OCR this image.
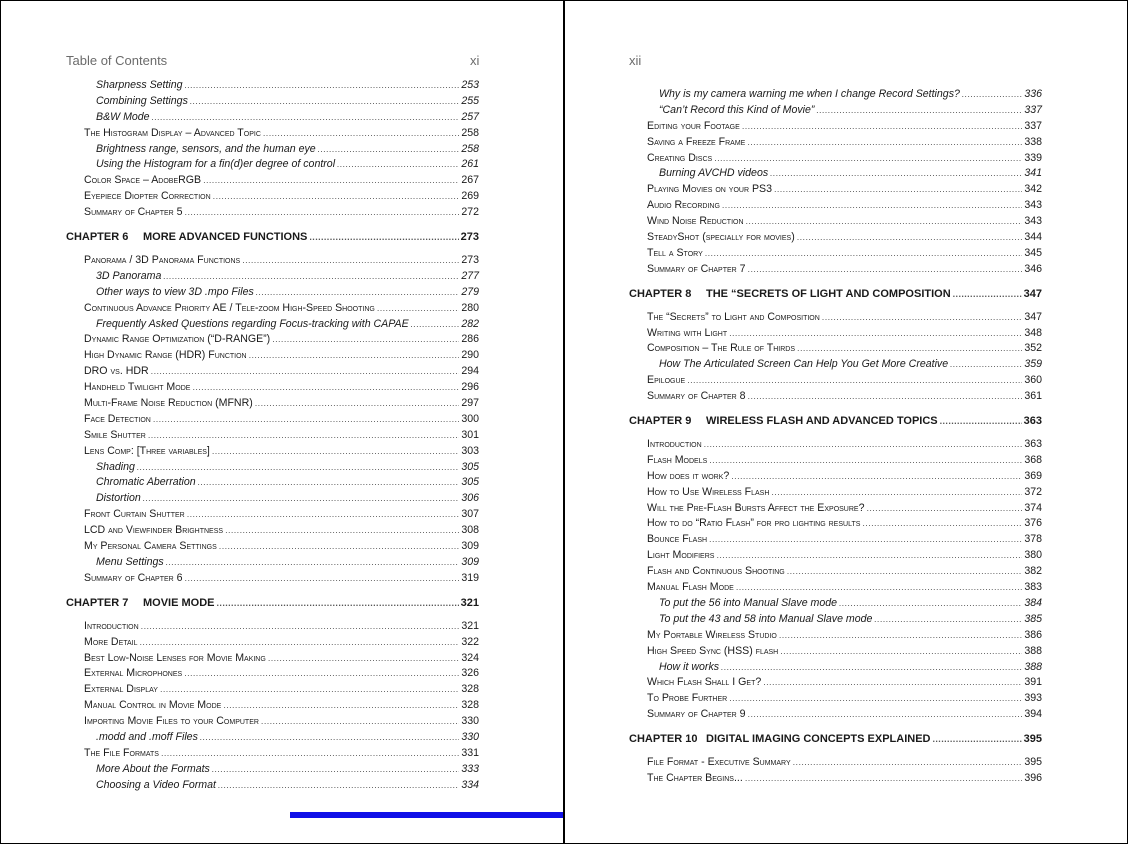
Table of Contents	xi
Sharpness Setting .....	253
Combining Settings .....	255
B&W Mode .....	257
The Histogram Display – Advanced Topic .....	258
Brightness range, sensors, and the human eye .....	258
Using the Histogram for a fin(d)er degree of control .....	261
Color Space – AdobeRGB .....	267
Eyepiece Diopter Correction .....	269
Summary of Chapter 5 .....	272
CHAPTER 6 MORE ADVANCED FUNCTIONS .....	273
Panorama / 3D Panorama Functions .....	273
3D Panorama .....	277
Other ways to view 3D .mpo Files .....	279
Continuous Advance Priority AE / Tele-zoom High-Speed Shooting .....	280
Frequently Asked Questions regarding Focus-tracking with CAPAE .....	282
Dynamic Range Optimization (“D-RANGE”) .....	286
High Dynamic Range (HDR) Function .....	290
DRO vs. HDR .....	294
Handheld Twilight Mode .....	296
Multi-Frame Noise Reduction (MFNR) .....	297
Face Detection .....	300
Smile Shutter .....	301
Lens Comp: [Three variables] .....	303
Shading .....	305
Chromatic Aberration .....	305
Distortion .....	306
Front Curtain Shutter .....	307
LCD and Viewfinder Brightness .....	308
My Personal Camera Settings .....	309
Menu Settings .....	309
Summary of Chapter 6 .....	319
CHAPTER 7 MOVIE MODE .....	321
Introduction .....	321
More Detail .....	322
Best Low-Noise Lenses for Movie Making .....	324
External Microphones .....	326
External Display .....	328
Manual Control in Movie Mode .....	328
Importing Movie Files to your Computer .....	330
.modd and .moff Files .....	330
The File Formats .....	331
More About the Formats .....	333
Choosing a Video Format .....	334
xii
Why is my camera warning me when I change Record Settings? .....	336
“Can’t Record this Kind of Movie” .....	337
Editing your Footage .....	337
Saving a Freeze Frame .....	338
Creating Discs .....	339
Burning AVCHD videos .....	341
Playing Movies on your PS3 .....	342
Audio Recording .....	343
Wind Noise Reduction .....	343
SteadyShot (specially for movies) .....	344
Tell a Story .....	345
Summary of Chapter 7 .....	346
CHAPTER 8 THE “SECRETS OF LIGHT AND COMPOSITION .....	347
The “Secrets” to Light and Composition .....	347
Writing with Light .....	348
Composition – The Rule of Thirds .....	352
How The Articulated Screen Can Help You Get More Creative .....	359
Epilogue .....	360
Summary of Chapter 8 .....	361
CHAPTER 9 WIRELESS FLASH AND ADVANCED TOPICS .....	363
Introduction .....	363
Flash Models .....	368
How does it work? .....	369
How to Use Wireless Flash .....	372
Will the Pre-Flash Bursts Affect the Exposure? .....	374
How to do “Ratio Flash” for pro lighting results .....	376
Bounce Flash .....	378
Light Modifiers .....	380
Flash and Continuous Shooting .....	382
Manual Flash Mode .....	383
To put the 56 into Manual Slave mode .....	384
To put the 43 and 58 into Manual Slave mode .....	385
My Portable Wireless Studio .....	386
High Speed Sync (HSS) flash .....	388
How it works .....	388
Which Flash Shall I Get? .....	391
To Probe Further .....	393
Summary of Chapter 9 .....	394
CHAPTER 10 DIGITAL IMAGING CONCEPTS EXPLAINED .....	395
File Format - Executive Summary .....	395
The Chapter Begins... .....	396
